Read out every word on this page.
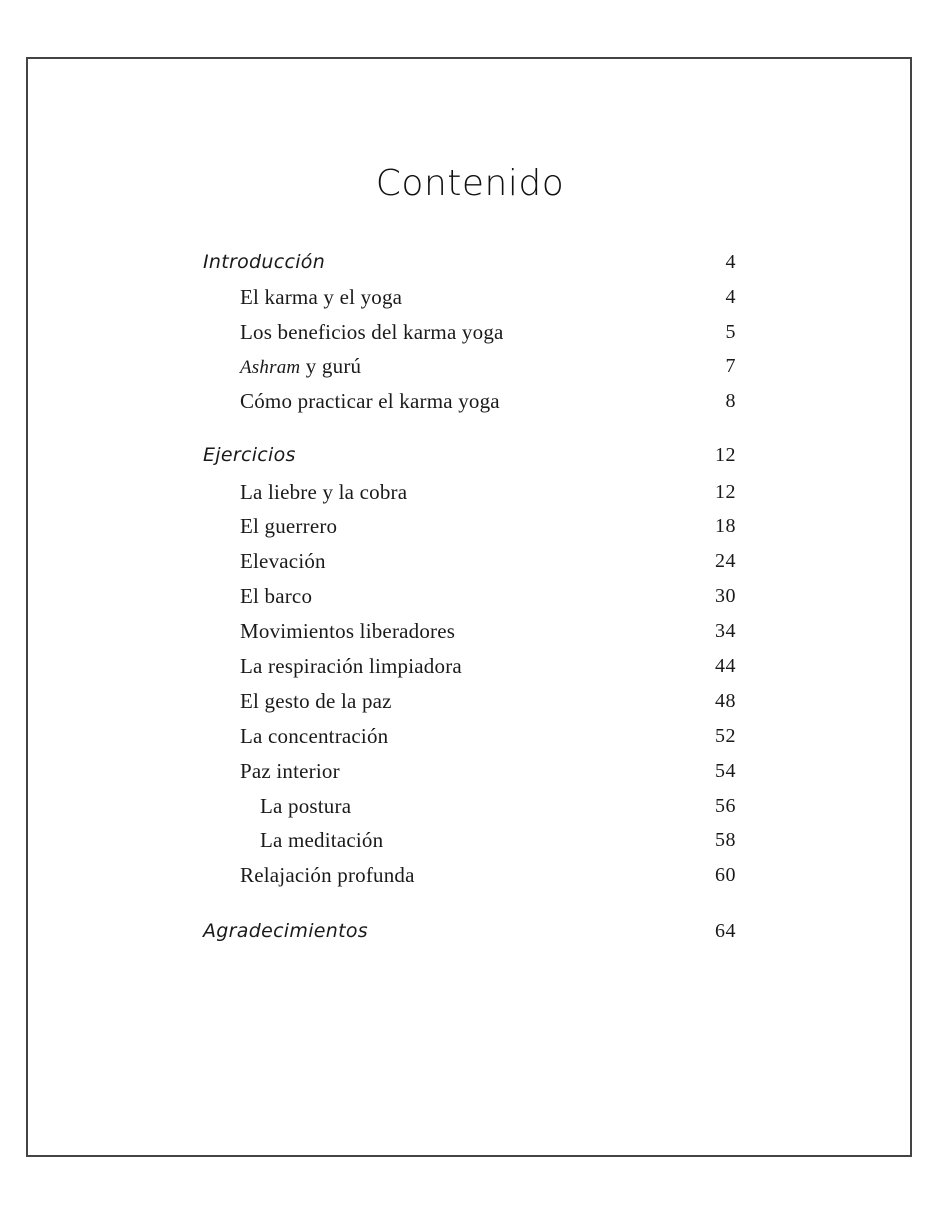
Contenido
Introducción	4
El karma y el yoga	4
Los beneficios del karma yoga	5
Ashram y gurú	7
Cómo practicar el karma yoga	8
Ejercicios	12
La liebre y la cobra	12
El guerrero	18
Elevación	24
El barco	30
Movimientos liberadores	34
La respiración limpiadora	44
El gesto de la paz	48
La concentración	52
Paz interior	54
La postura	56
La meditación	58
Relajación profunda	60
Agradecimientos	64
